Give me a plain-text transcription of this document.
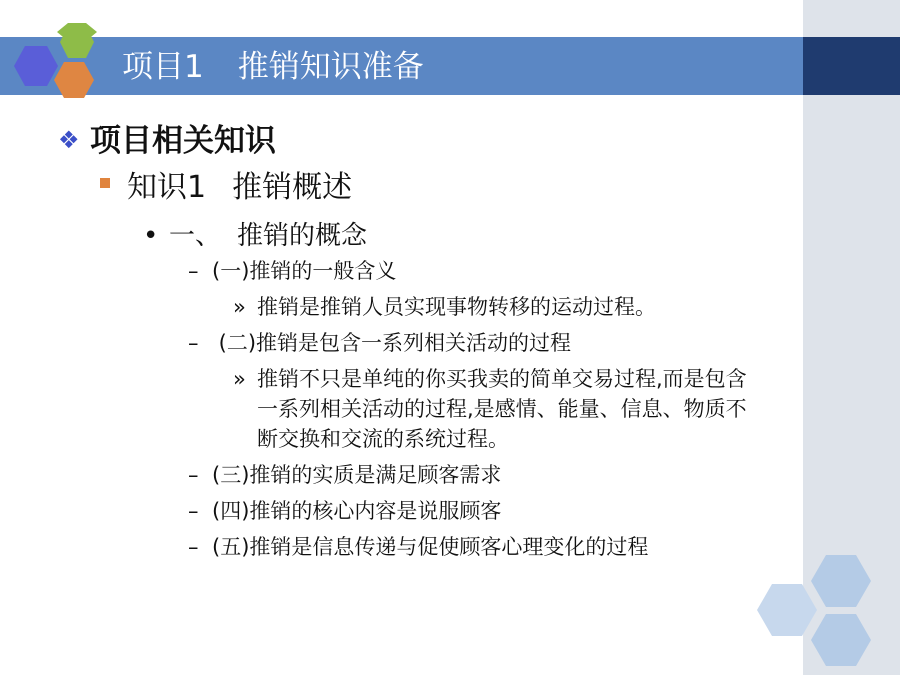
项目1 推销知识准备
❖ 项目相关知识
知识1 推销概述
• 一、 推销的概念
– (一)推销的一般含义
» 推销是推销人员实现事物转移的运动过程。
– (二)推销是包含一系列相关活动的过程
» 推销不只是单纯的你买我卖的简单交易过程,而是包含
一系列相关活动的过程,是感情、能量、信息、物质不
断交换和交流的系统过程。
– (三)推销的实质是满足顾客需求
– (四)推销的核心内容是说服顾客
– (五)推销是信息传递与促使顾客心理变化的过程
